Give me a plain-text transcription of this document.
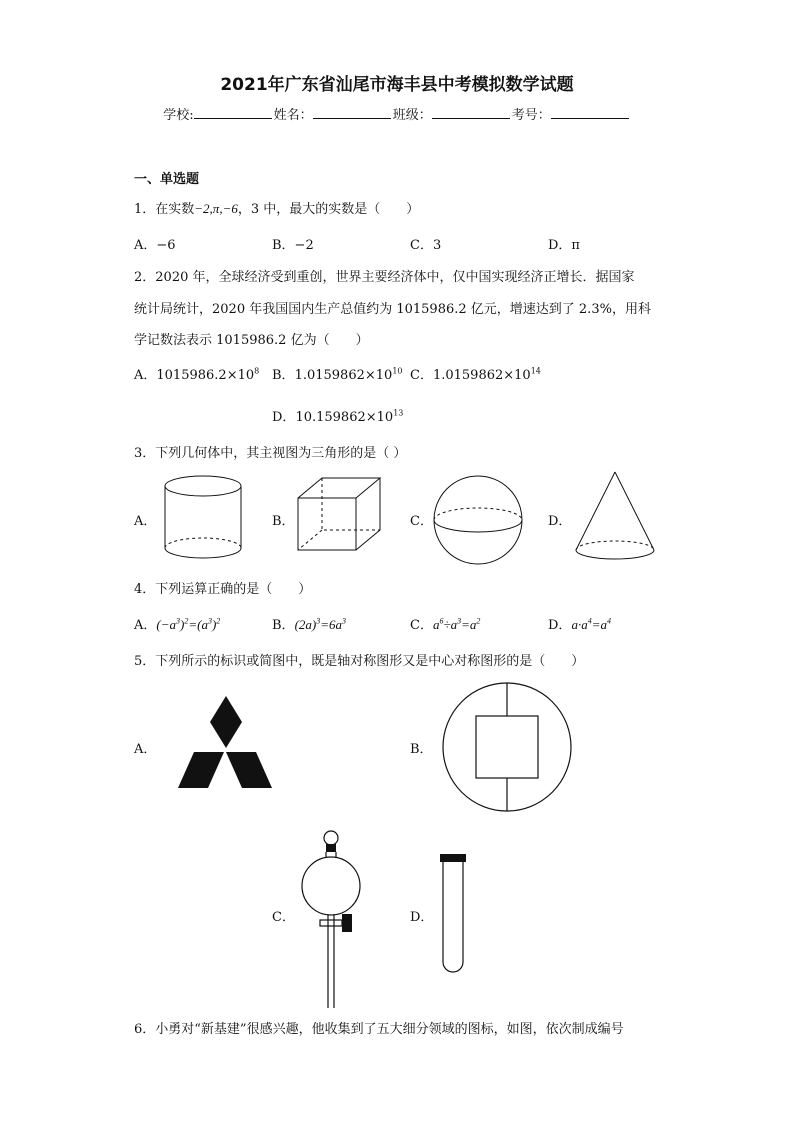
2021年广东省汕尾市海丰县中考模拟数学试题
学校:	姓名：	班级：	考号：
一、单选题
1．在实数−2,π,−6，3 中，最大的实数是（　　）
A．−6	B．−2	C．3	D．π
2．2020 年，全球经济受到重创，世界主要经济体中，仅中国实现经济正增长．据国家
统计局统计，2020 年我国国内生产总值约为 1015986.2 亿元，增速达到了 2.3%，用科
学记数法表示 1015986.2 亿为（　　）
A．$1015986.2\times 10^8$ B．$1.0159862\times 10^{10}$ C．$1.0159862\times 10^{14}$
D．$10.159862\times 10^{13}$
3．下列几何体中，其主视图为三角形的是（ ）
A．	B．	C．	D．
4．下列运算正确的是（　　）
A．$(-a^3)^2=(a^3)^2$	B．$(2a)^3=6a^3$	C．$a^6\div a^3=a^2$	D．$a\cdot a^4=a^4$
5．下列所示的标识或简图中，既是轴对称图形又是中心对称图形的是（　　）
A．	B．
C．	D．
6．小勇对“新基建”很感兴趣，他收集到了五大细分领域的图标，如图，依次制成编号
